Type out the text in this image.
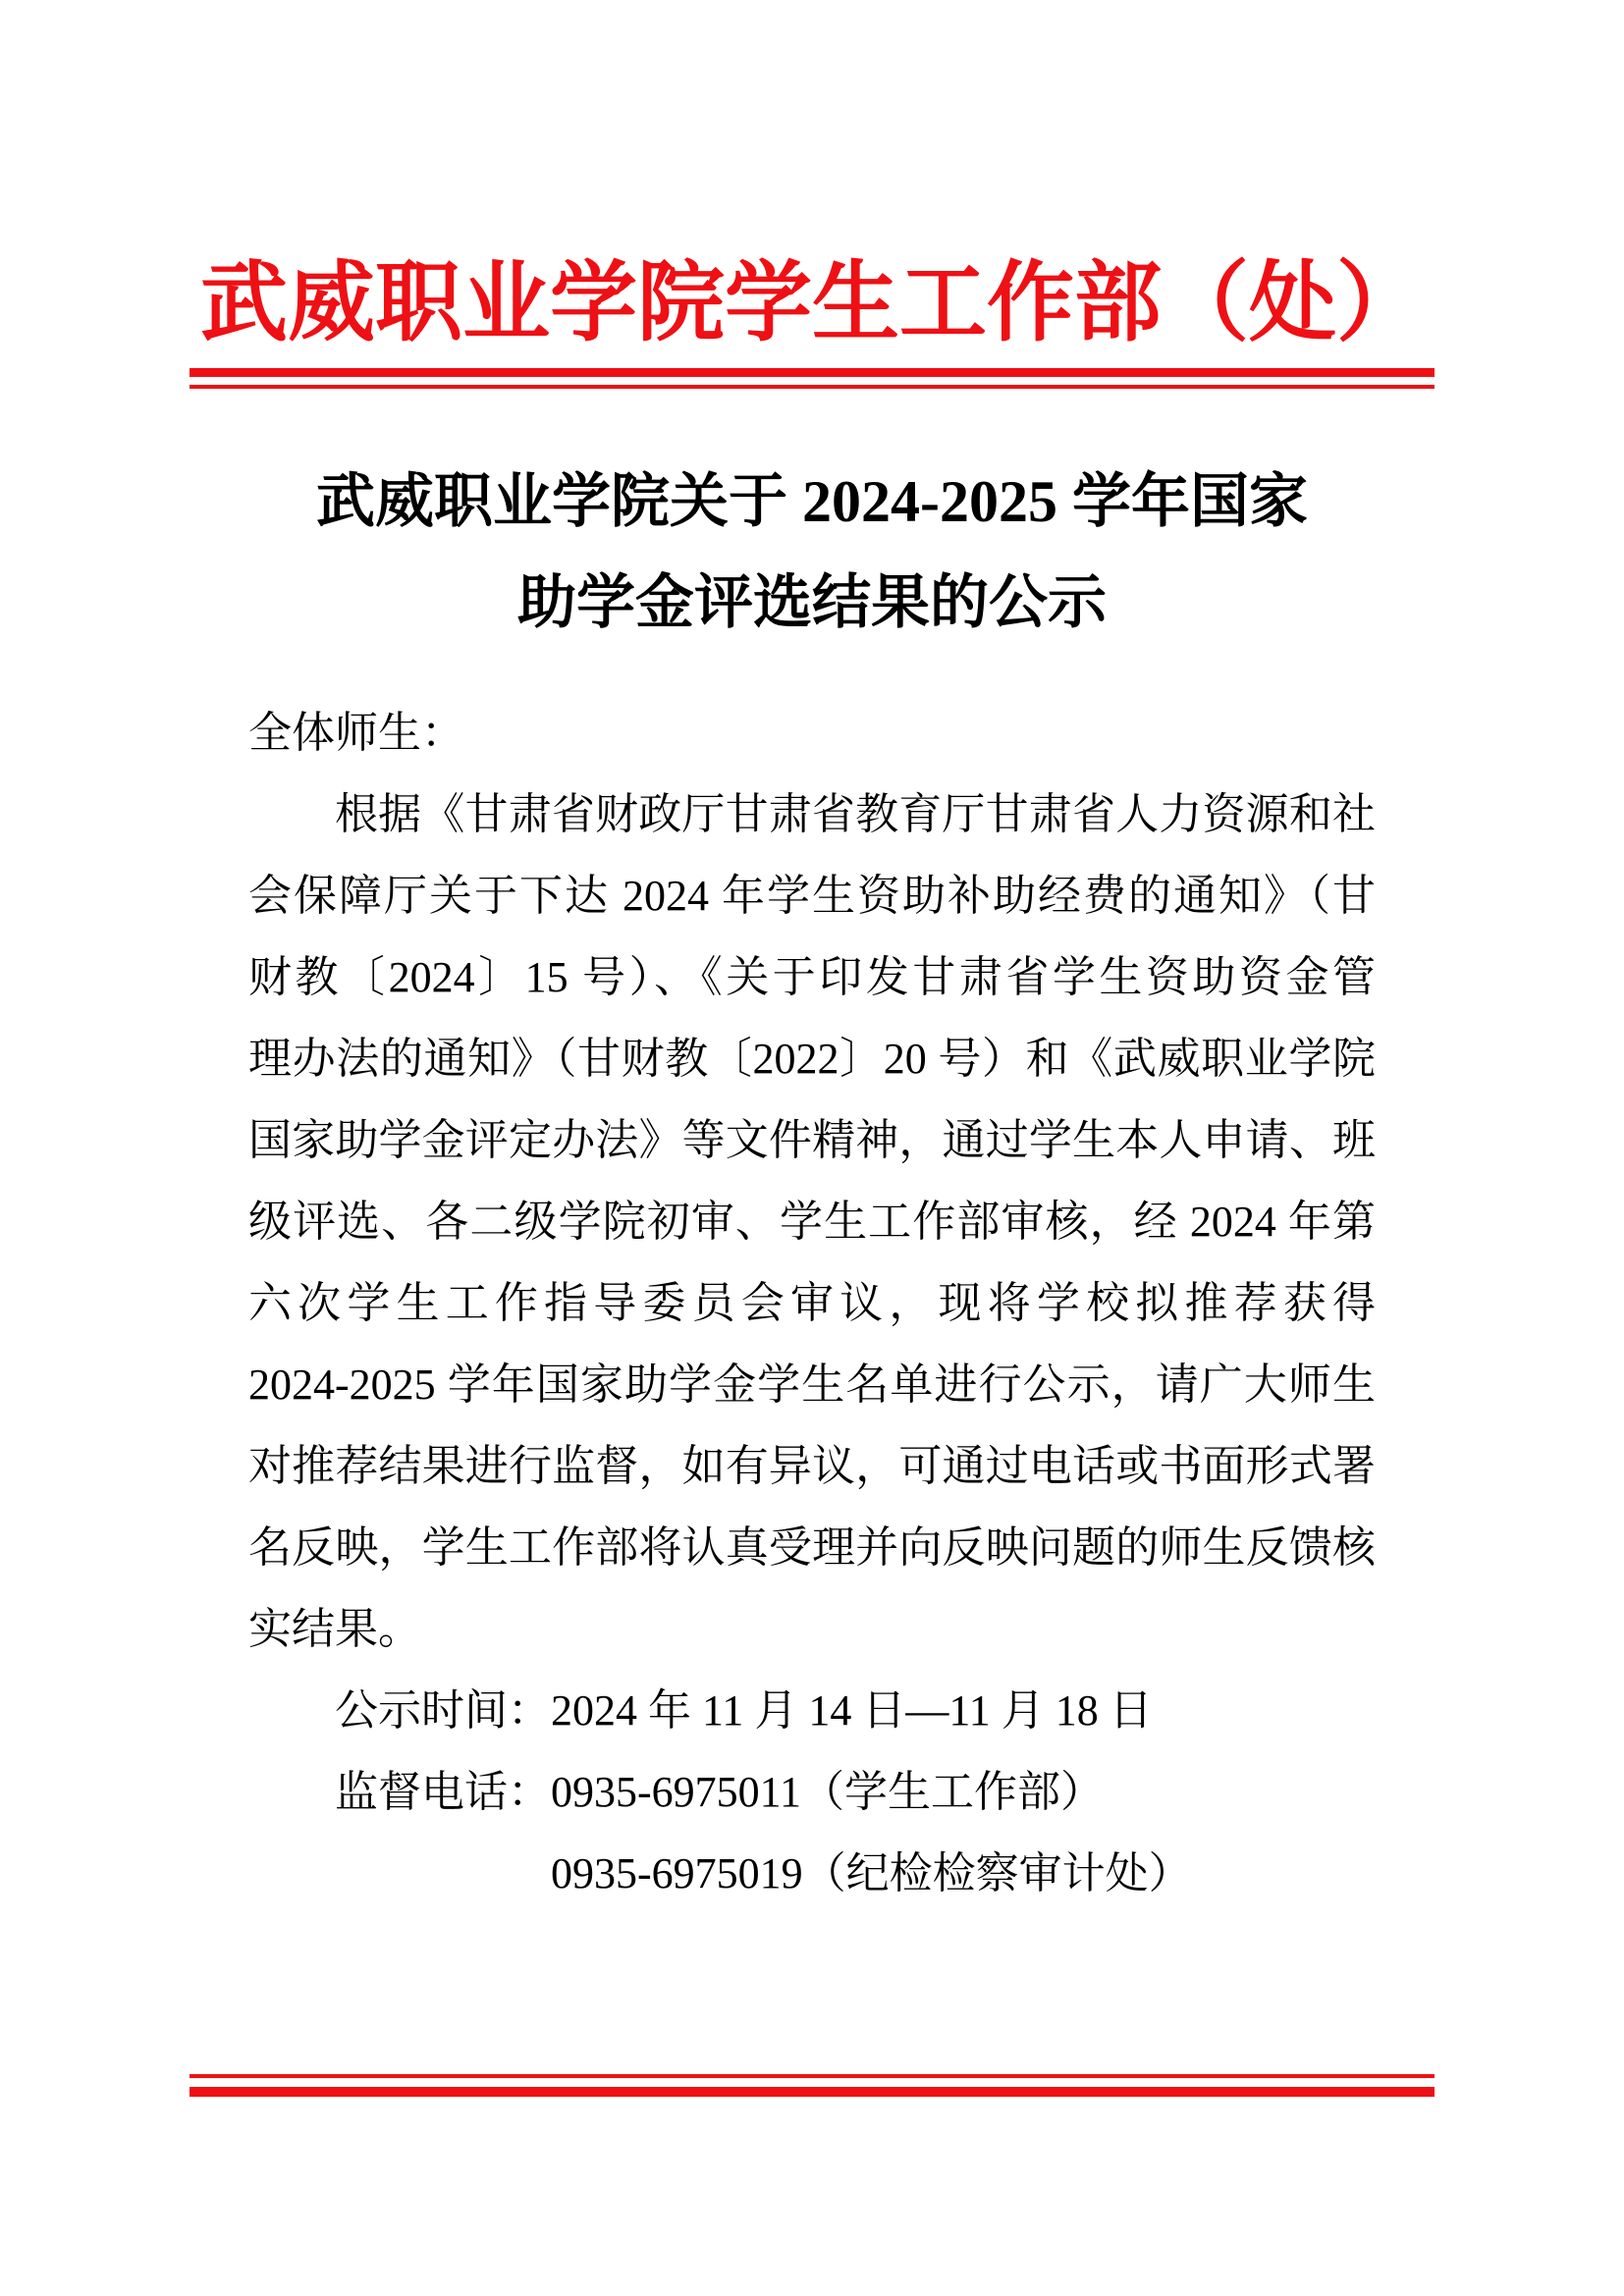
武威职业学院学生工作部（处）
武威职业学院关于 2024-2025 学年国家
助学金评选结果的公示
全体师生：
根据《甘肃省财政厅甘肃省教育厅甘肃省人力资源和社
会保障厅关于下达 2024 年学生资助补助经费的通知》（甘
财教〔2024〕15 号）、《关于印发甘肃省学生资助资金管
理办法的通知》（甘财教〔2022〕20 号）和《武威职业学院
国家助学金评定办法》等文件精神，通过学生本人申请、班
级评选、各二级学院初审、学生工作部审核，经 2024 年第
六次学生工作指导委员会审议，现将学校拟推荐获得
2024-2025 学年国家助学金学生名单进行公示，请广大师生
对推荐结果进行监督，如有异议，可通过电话或书面形式署
名反映，学生工作部将认真受理并向反映问题的师生反馈核
实结果。
公示时间：2024 年 11 月 14 日—11 月 18 日
监督电话：0935-6975011（学生工作部）
0935-6975019（纪检检察审计处）
